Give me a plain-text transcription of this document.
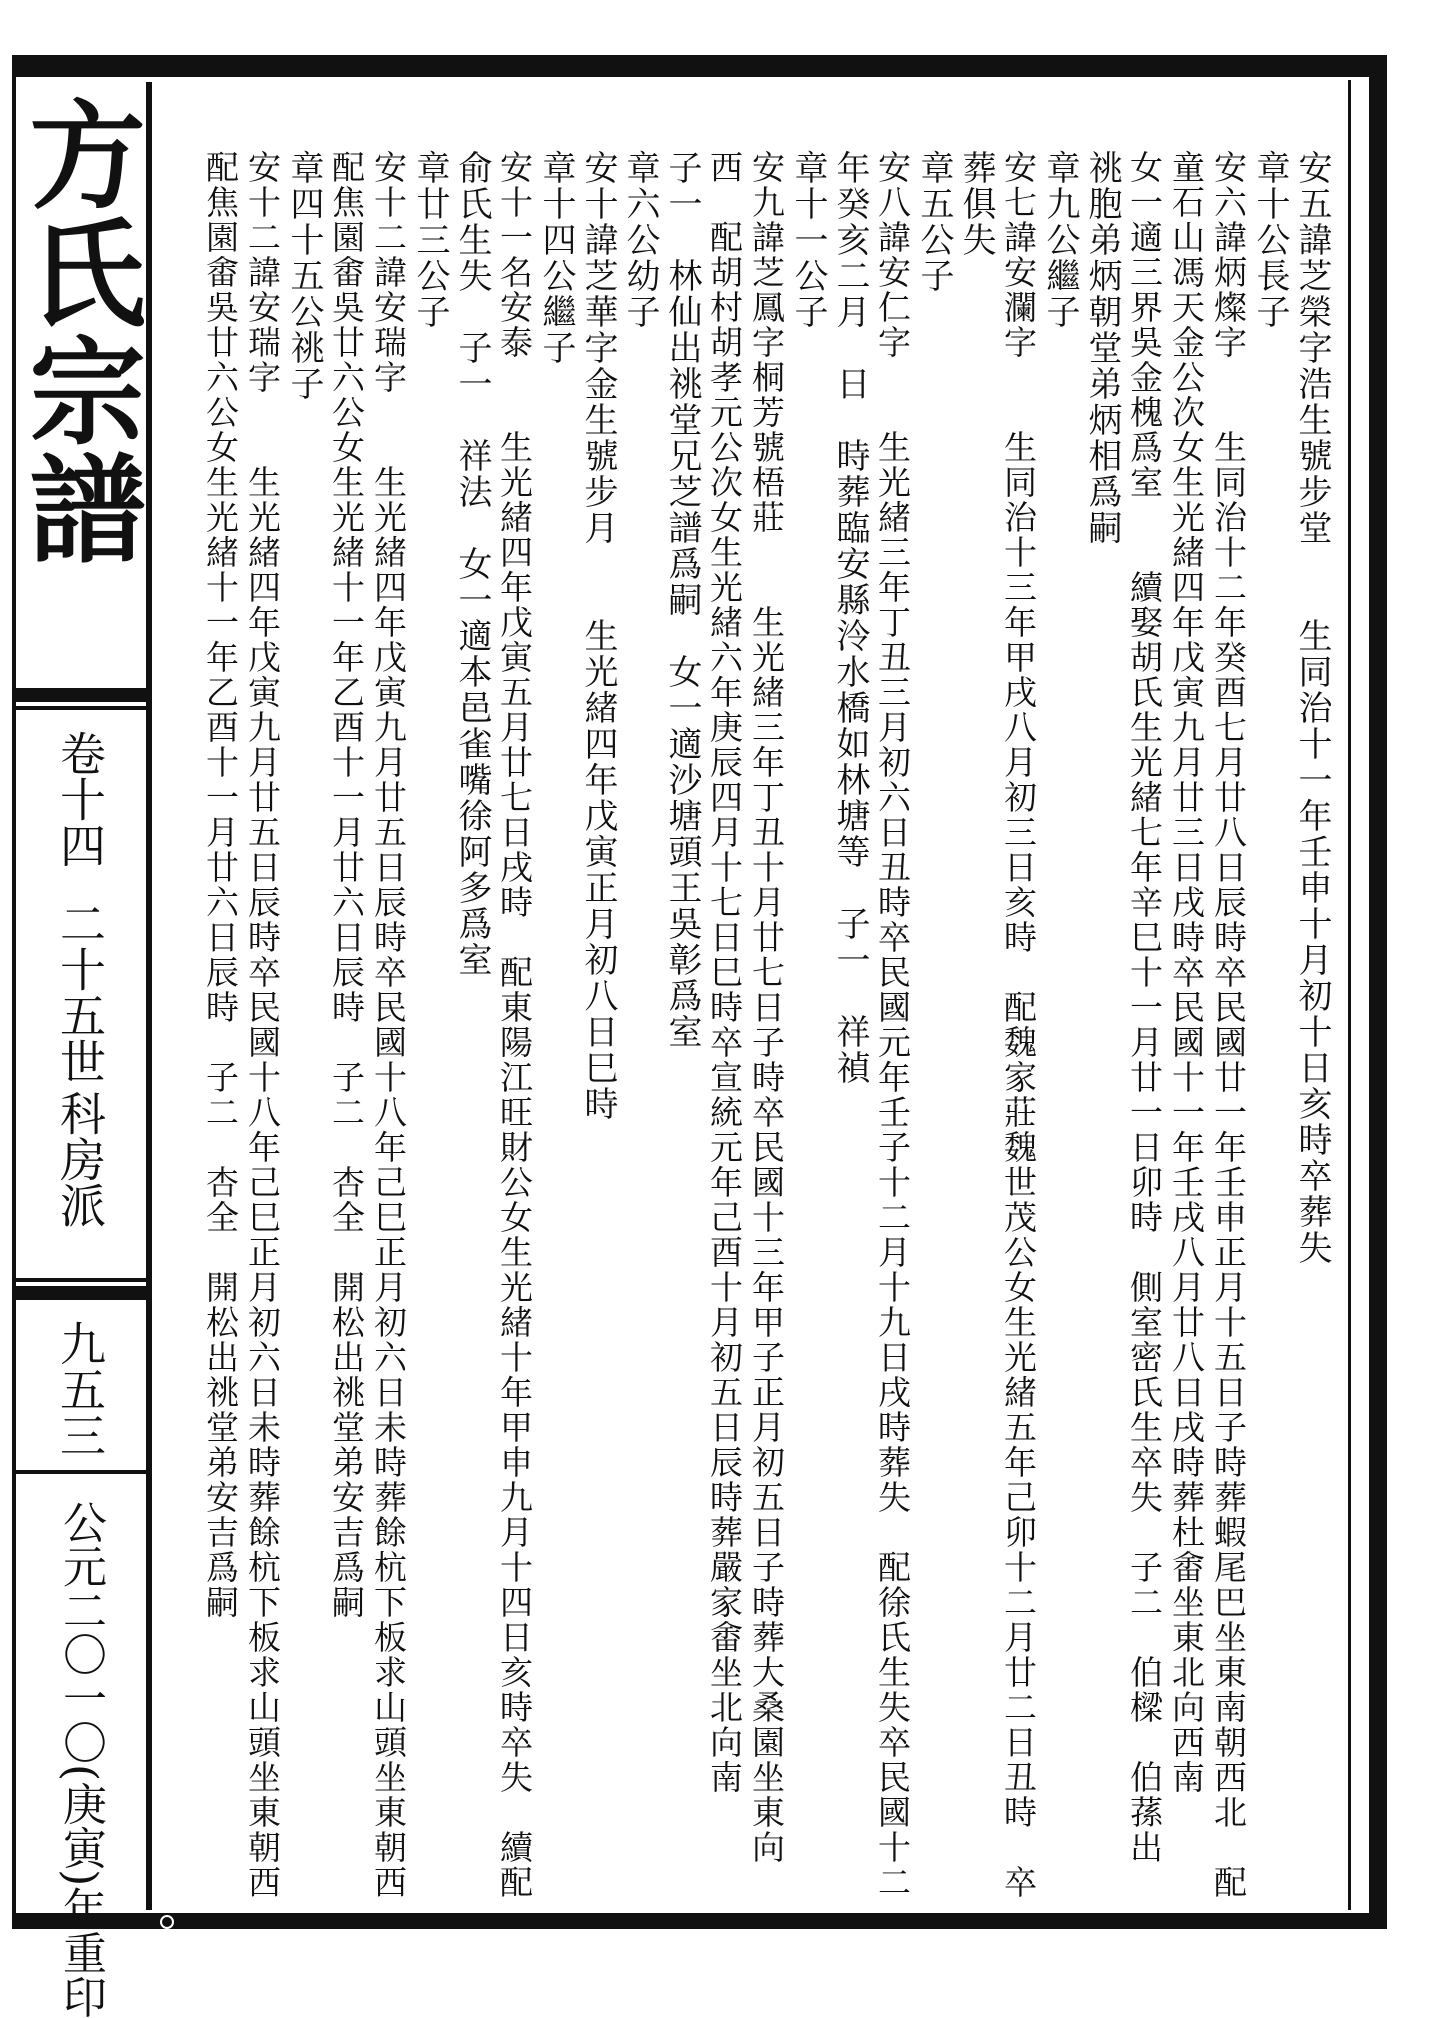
方氏宗譜
卷十四
二十五世
科房派
九五三
公元二〇一〇(庚寅)年重印
安五諱芝榮字浩生號步堂　　生同治十一年壬申十月初十日亥時卒葬失
章十公長子
安六諱炳燦字　　生同治十二年癸酉七月廿八日辰時卒民國廿一年壬申正月十五日子時葬蝦尾巴坐東南朝西北　配
童石山馮天金公次女生光緒四年戊寅九月廿三日戌時卒民國十一年壬戌八月廿八日戌時葬杜畬坐東北向西南
女一適三界吳金槐爲室　　續娶胡氏生光緒七年辛巳十一月廿一日卯時　側室密氏生卒失　子二　伯樑　伯蓀出
祧胞弟炳朝堂弟炳相爲嗣
章九公繼子
安七諱安瀾字　　生同治十三年甲戌八月初三日亥時　配魏家莊魏世茂公女生光緒五年己卯十二月廿二日丑時　卒
葬俱失
章五公子
安八諱安仁字　　生光緒三年丁丑三月初六日丑時卒民國元年壬子十二月十九日戌時葬失　配徐氏生失卒民國十二
年癸亥二月　日　時葬臨安縣泠水橋如林塘等　子一　祥禎
章十一公子
安九諱芝鳳字桐芳號梧莊　　生光緒三年丁丑十月廿七日子時卒民國十三年甲子正月初五日子時葬大桑園坐東向
西　配胡村胡孝元公次女生光緒六年庚辰四月十七日巳時卒宣統元年己酉十月初五日辰時葬嚴家畬坐北向南
子一　林仙出祧堂兄芝譜爲嗣　女一適沙塘頭王吳彰爲室
章六公幼子
安十諱芝華字金生號步月　　生光緒四年戊寅正月初八日巳時
章十四公繼子
安十一名安泰　　生光緒四年戊寅五月廿七日戌時　配東陽江旺財公女生光緒十年甲申九月十四日亥時卒失　續配
俞氏生失　子一　祥法　女一適本邑雀嘴徐阿多爲室
章廿三公子
安十二諱安瑞字　　生光緒四年戊寅九月廿五日辰時卒民國十八年己巳正月初六日未時葬餘杭下板求山頭坐東朝西
配焦園畬吳廿六公女生光緒十一年乙酉十一月廿六日辰時　子二　杏全　開松出祧堂弟安吉爲嗣
章四十五公祧子
安十二諱安瑞字　　生光緒四年戊寅九月廿五日辰時卒民國十八年己巳正月初六日未時葬餘杭下板求山頭坐東朝西
配焦園畬吳廿六公女生光緒十一年乙酉十一月廿六日辰時　子二　杏全　開松出祧堂弟安吉爲嗣
